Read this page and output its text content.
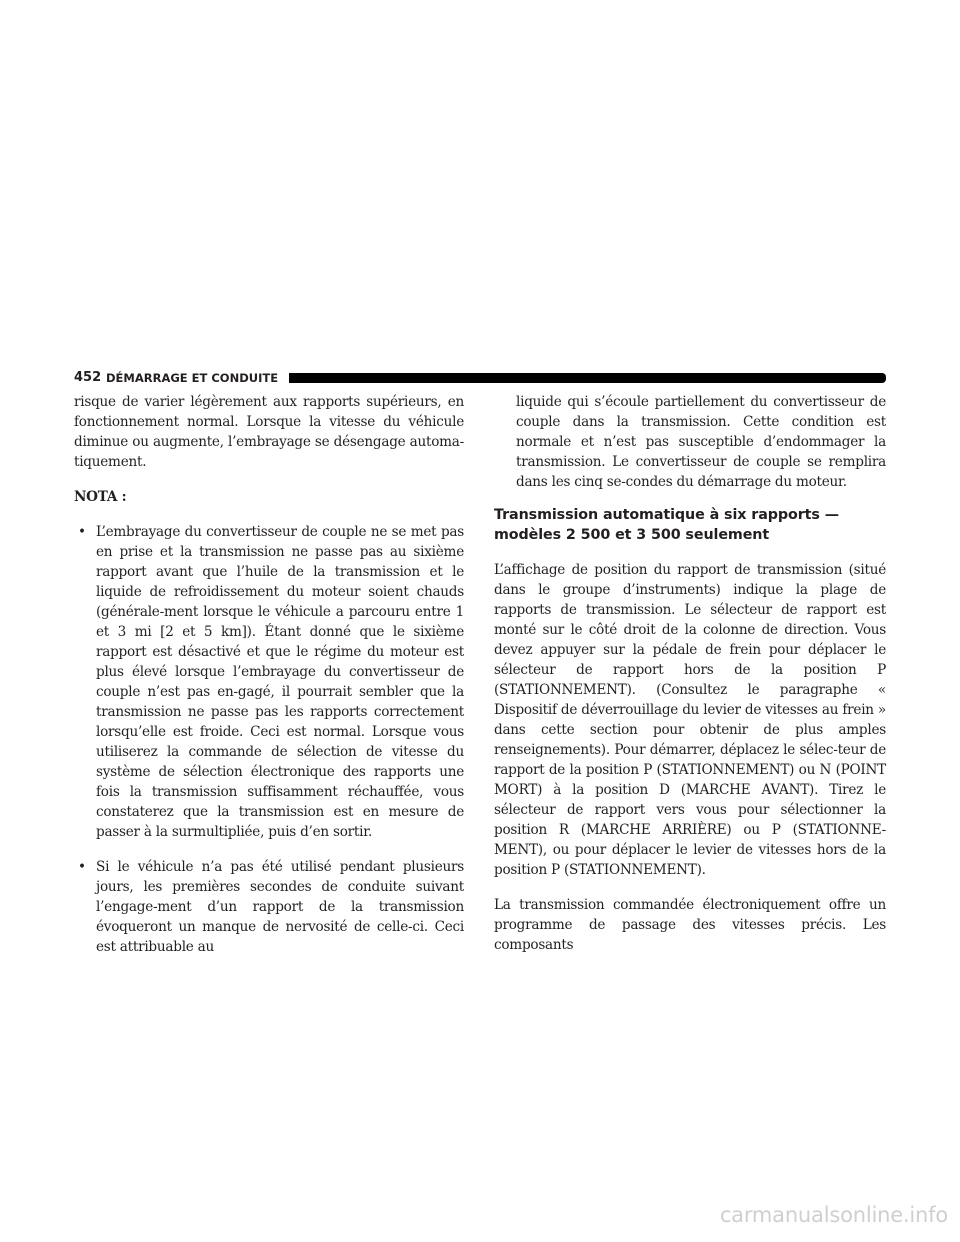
452 DÉMARRAGE ET CONDUITE

risque de varier légèrement aux rapports supérieurs, en fonctionnement normal. Lorsque la vitesse du véhicule diminue ou augmente, l’embrayage se désengage automa-tiquement.

NOTA :

• L’embrayage du convertisseur de couple ne se met pas en prise et la transmission ne passe pas au sixième rapport avant que l’huile de la transmission et le liquide de refroidissement du moteur soient chauds (générale-ment lorsque le véhicule a parcouru entre 1 et 3 mi [2 et 5 km]). Étant donné que le sixième rapport est désactivé et que le régime du moteur est plus élevé lorsque l’embrayage du convertisseur de couple n’est pas en-gagé, il pourrait sembler que la transmission ne passe pas les rapports correctement lorsqu’elle est froide. Ceci est normal. Lorsque vous utiliserez la commande de sélection de vitesse du système de sélection électronique des rapports une fois la transmission suffisamment réchauffée, vous constaterez que la transmission est en mesure de passer à la surmultipliée, puis d’en sortir.
• Si le véhicule n’a pas été utilisé pendant plusieurs jours, les premières secondes de conduite suivant l’engage-ment d’un rapport de la transmission évoqueront un manque de nervosité de celle-ci. Ceci est attribuable au

liquide qui s’écoule partiellement du convertisseur de couple dans la transmission. Cette condition est normale et n’est pas susceptible d’endommager la transmission. Le convertisseur de couple se remplira dans les cinq se-condes du démarrage du moteur.

Transmission automatique à six rapports —
modèles 2 500 et 3 500 seulement

L’affichage de position du rapport de transmission (situé dans le groupe d’instruments) indique la plage de rapports de transmission. Le sélecteur de rapport est monté sur le côté droit de la colonne de direction. Vous devez appuyer sur la pédale de frein pour déplacer le sélecteur de rapport hors de la position P (STATIONNEMENT). (Consultez le paragraphe « Dispositif de déverrouillage du levier de vitesses au frein » dans cette section pour obtenir de plus amples renseignements). Pour démarrer, déplacez le sélec-teur de rapport de la position P (STATIONNEMENT) ou N (POINT MORT) à la position D (MARCHE AVANT). Tirez le sélecteur de rapport vers vous pour sélectionner la position R (MARCHE ARRIÈRE) ou P (STATIONNE-MENT), ou pour déplacer le levier de vitesses hors de la position P (STATIONNEMENT).

La transmission commandée électroniquement offre un programme de passage des vitesses précis. Les composants

carmanualsonline.info
